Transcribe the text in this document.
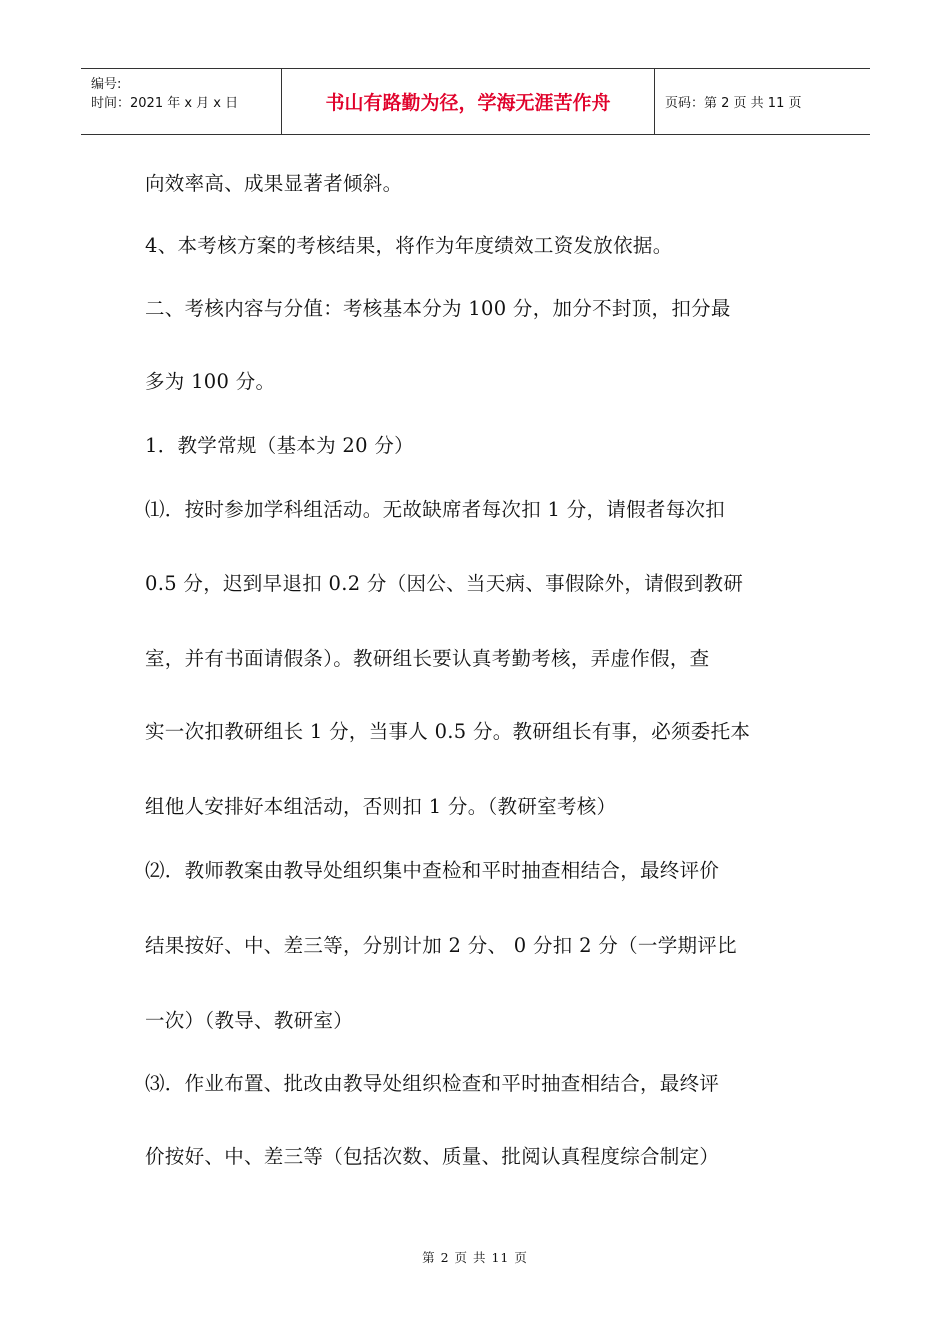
编号:
时间：2021 年 x 月 x 日	书山有路勤为径，学海无涯苦作舟	页码：第 2 页 共 11 页
向效率高、成果显著者倾斜。
4、本考核方案的考核结果，将作为年度绩效工资发放依据。
二、考核内容与分值：考核基本分为 100 分，加分不封顶，扣分最
多为 100 分。
1．教学常规（基本为 20 分）
⑴．按时参加学科组活动。无故缺席者每次扣 1 分，请假者每次扣
0.5 分，迟到早退扣 0.2 分（因公、当天病、事假除外，请假到教研
室，并有书面请假条）。教研组长要认真考勤考核，弄虚作假，查
实一次扣教研组长 1 分，当事人 0.5 分。教研组长有事，必须委托本
组他人安排好本组活动，否则扣 1 分。（教研室考核）
⑵．教师教案由教导处组织集中查检和平时抽查相结合，最终评价
结果按好、中、差三等，分别计加 2 分、 0 分扣 2 分（一学期评比
一次）（教导、教研室）
⑶．作业布置、批改由教导处组织检查和平时抽查相结合，最终评
价按好、中、差三等（包括次数、质量、批阅认真程度综合制定）
第 2 页 共 11 页
